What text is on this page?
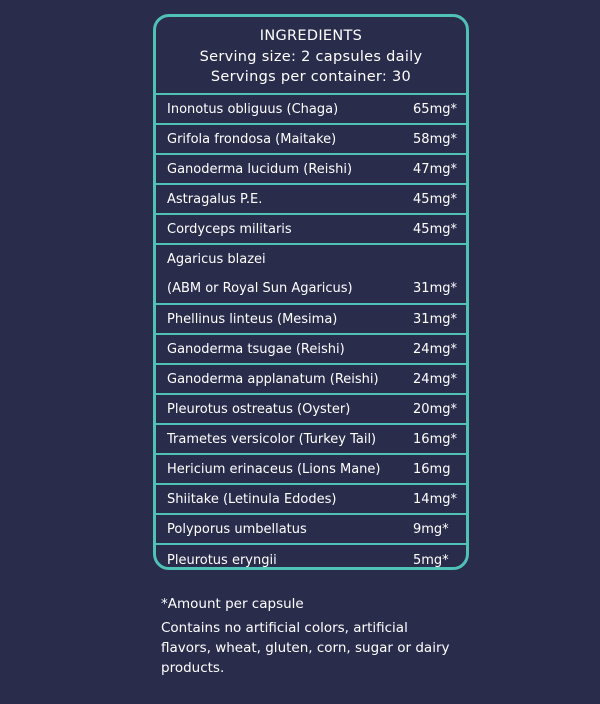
INGREDIENTS
Serving size: 2 capsules daily
Servings per container: 30
Inonotus obliguus (Chaga)	65mg*
Grifola frondosa (Maitake)	58mg*
Ganoderma lucidum (Reishi)	47mg*
Astragalus P.E.	45mg*
Cordyceps militaris	45mg*
Agaricus blazei
(ABM or Royal Sun Agaricus)	31mg*
Phellinus linteus (Mesima)	31mg*
Ganoderma tsugae (Reishi)	24mg*
Ganoderma applanatum (Reishi)	24mg*
Pleurotus ostreatus (Oyster)	20mg*
Trametes versicolor (Turkey Tail)	16mg*
Hericium erinaceus (Lions Mane)	16mg
Shiitake (Letinula Edodes)	14mg*
Polyporus umbellatus	9mg*
Pleurotus eryngii	5mg*
*Amount per capsule
Contains no artificial colors, artificial flavors, wheat, gluten, corn, sugar or dairy products.
